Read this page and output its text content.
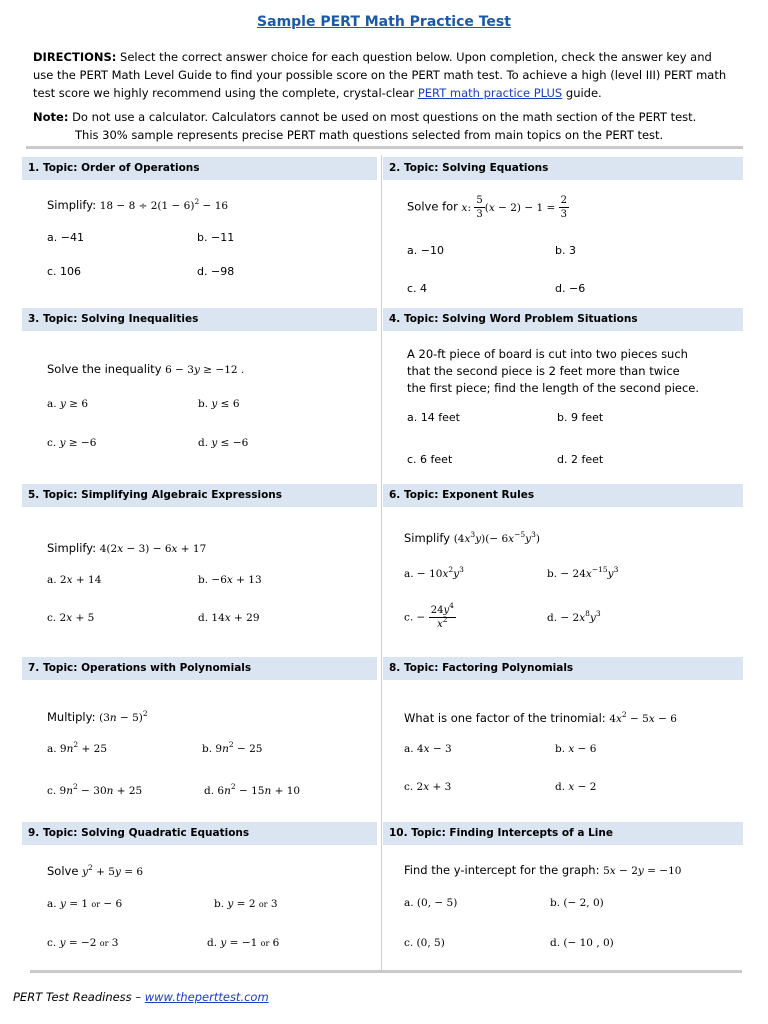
Sample PERT Math Practice Test
DIRECTIONS: Select the correct answer choice for each question below. Upon completion, check the answer key and use the PERT Math Level Guide to find your possible score on the PERT math test. To achieve a high (level III) PERT math test score we highly recommend using the complete, crystal-clear PERT math practice PLUS guide.
Note: Do not use a calculator. Calculators cannot be used on most questions on the math section of the PERT test.
This 30% sample represents precise PERT math questions selected from main topics on the PERT test.
1. Topic: Order of Operations	2. Topic: Solving Equations
Simplify: $18 - 8 \div 2(1 - 6)^2 - 16$
a. −41	b. −11
c. 106	d. −98
Solve for x: $\frac{5}{3} (x - 2) - 1 = \frac{2}{3}$
a. −10	b. 3
c. 4	d. −6
3. Topic: Solving Inequalities	4. Topic: Solving Word Problem Situations
Solve the inequality 6 − 3y ≥ −12 .
a. y ≥ 6	b. y ≤ 6
c. y ≥ −6	d. y ≤ −6
A 20-ft piece of board is cut into two pieces such
that the second piece is 2 feet more than twice
the first piece; find the length of the second piece.
a. 14 feet	b. 9 feet
c. 6 feet	d. 2 feet
5. Topic: Simplifying Algebraic Expressions	6. Topic: Exponent Rules
Simplify: 4(2x − 3) − 6x + 17
a. 2x + 14	b. −6x + 13
c. 2x + 5	d. 14x + 29
Simplify $(4x^3y)(- 6x^{-5}y^3)$
a. − $10x^2y^3$	b. − $24x^{-15}y^3$
c. − $\frac{24y^4}{x^2}$	d. − $2x^8y^3$
7. Topic: Operations with Polynomials	8. Topic: Factoring Polynomials
Multiply: $(3n - 5)^2$
a. $9n^2 + 25$	b. $9n^2 - 25$
c. $9n^2 - 30n + 25$	d. $6n^2 - 15n + 10$
What is one factor of the trinomial: $4x^2 - 5x - 6$
a. 4x − 3	b. x − 6
c. 2x + 3	d. x − 2
9. Topic: Solving Quadratic Equations	10. Topic: Finding Intercepts of a Line
Solve $y^2 + 5y = 6$
a. y = 1 or − 6	b. y = 2 or 3
c. y = −2 or 3	d. y = −1 or 6
Find the y-intercept for the graph: 5x − 2y = −10
a. (0, − 5)	b. (− 2, 0)
c. (0, 5)	d. (− 10 , 0)
PERT Test Readiness – www.theperttest.com
